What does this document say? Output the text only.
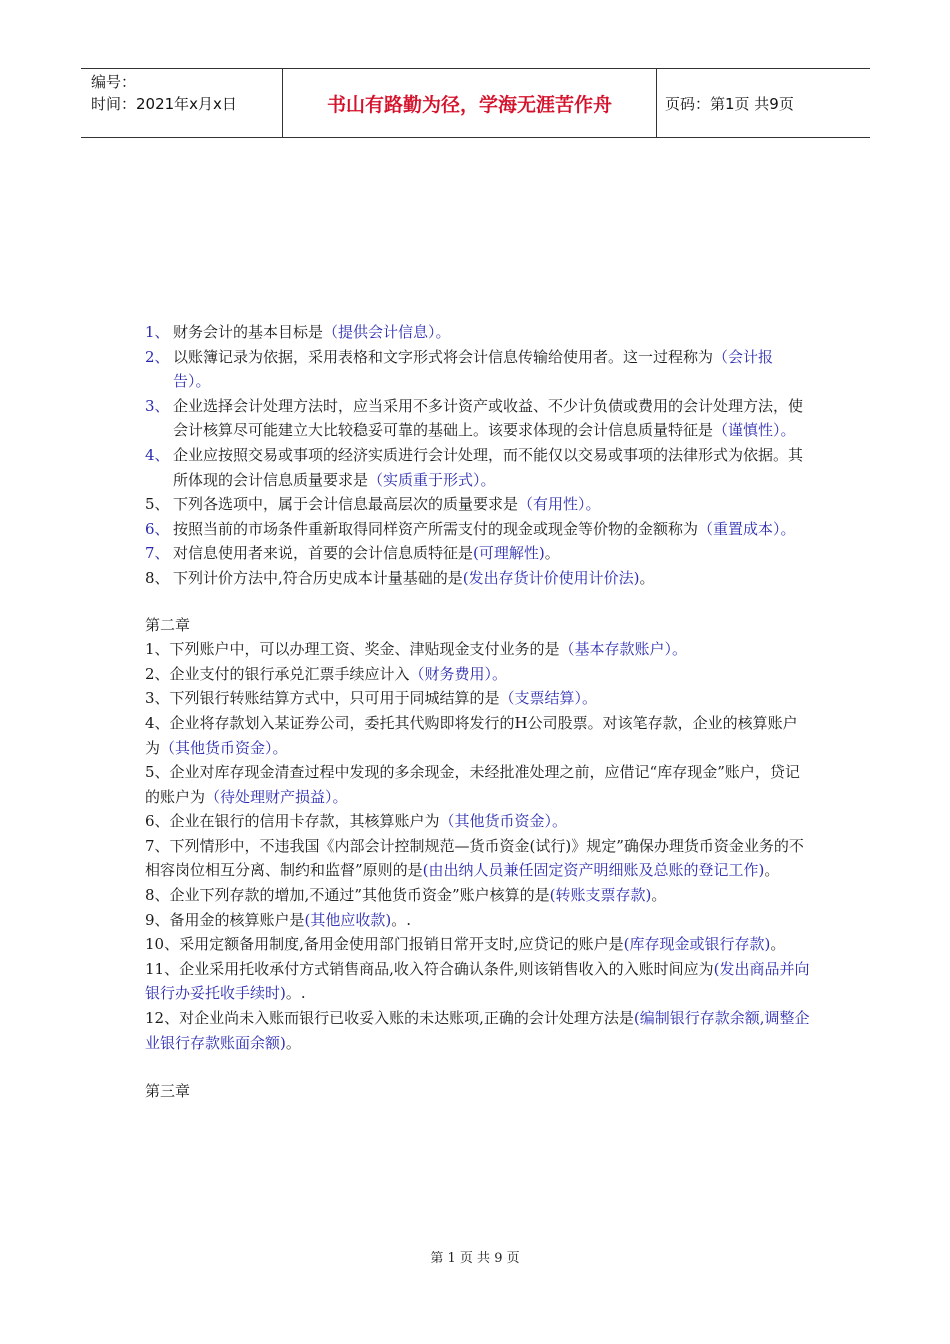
编号：
时间：2021年x月x日	书山有路勤为径，学海无涯苦作舟	页码：第1页 共9页
1、 财务会计的基本目标是（提供会计信息）。
2、 以账簿记录为依据，采用表格和文字形式将会计信息传输给使用者。这一过程称为（会计报告）。
3、 企业选择会计处理方法时，应当采用不多计资产或收益、不少计负债或费用的会计处理方法，使会计核算尽可能建立大比较稳妥可靠的基础上。该要求体现的会计信息质量特征是（谨慎性）。
4、 企业应按照交易或事项的经济实质进行会计处理，而不能仅以交易或事项的法律形式为依据。其所体现的会计信息质量要求是（实质重于形式）。
5、 下列各选项中，属于会计信息最高层次的质量要求是（有用性）。
6、 按照当前的市场条件重新取得同样资产所需支付的现金或现金等价物的金额称为（重置成本）。
7、 对信息使用者来说，首要的会计信息质特征是(可理解性)。
8、 下列计价方法中,符合历史成本计量基础的是(发出存货计价使用计价法)。
第二章
1、下列账户中，可以办理工资、奖金、津贴现金支付业务的是（基本存款账户）。
2、企业支付的银行承兑汇票手续应计入（财务费用）。
3、下列银行转账结算方式中，只可用于同城结算的是（支票结算）。
4、企业将存款划入某证券公司，委托其代购即将发行的H公司股票。对该笔存款，企业的核算账户为（其他货币资金）。
5、企业对库存现金清查过程中发现的多余现金，未经批准处理之前，应借记“库存现金”账户，贷记的账户为（待处理财产损益）。
6、企业在银行的信用卡存款，其核算账户为（其他货币资金）。
7、下列情形中，不违我国《内部会计控制规范—货币资金(试行)》规定”确保办理货币资金业务的不相容岗位相互分离、制约和监督”原则的是(由出纳人员兼任固定资产明细账及总账的登记工作)。
8、企业下列存款的增加,不通过”其他货币资金”账户核算的是(转账支票存款)。
9、备用金的核算账户是(其他应收款)。.
10、采用定额备用制度,备用金使用部门报销日常开支时,应贷记的账户是(库存现金或银行存款)。
11、企业采用托收承付方式销售商品,收入符合确认条件,则该销售收入的入账时间应为(发出商品并向银行办妥托收手续时)。.
12、对企业尚未入账而银行已收妥入账的未达账项,正确的会计处理方法是(编制银行存款余额,调整企业银行存款账面余额)。
第三章
第 1 页 共 9 页
